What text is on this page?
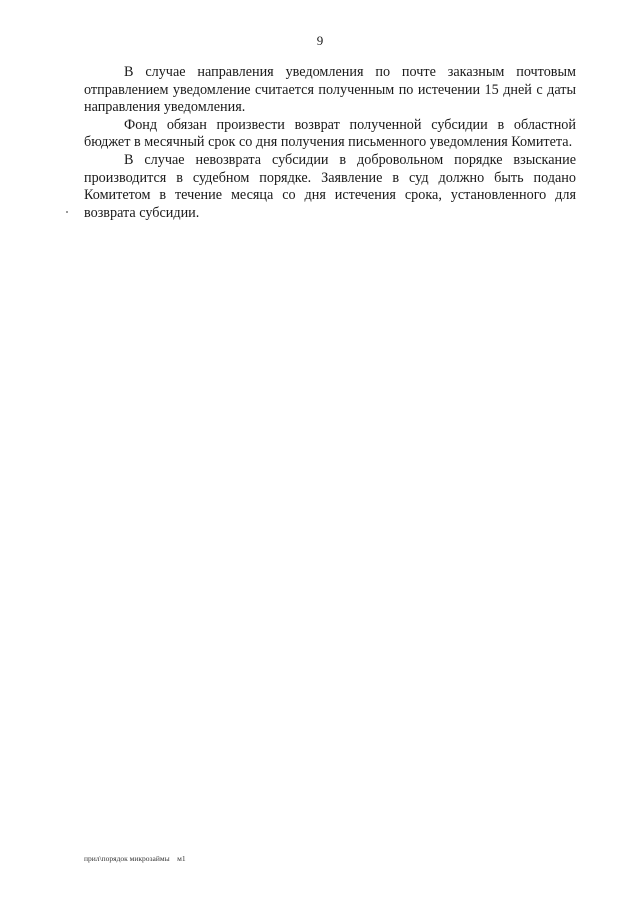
9

В случае направления уведомления по почте заказным почтовым отправлением уведомление считается полученным по истечении 15 дней с даты направления уведомления.

Фонд обязан произвести возврат полученной субсидии в областной бюджет в месячный срок со дня получения письменного уведомления Комитета.

В случае невозврата субсидии в добровольном порядке взыскание производится в судебном порядке. Заявление в суд должно быть подано Комитетом в течение месяца со дня истечения срока, установленного для возврата субсидии.

прил\порядок микрозаймы м1
